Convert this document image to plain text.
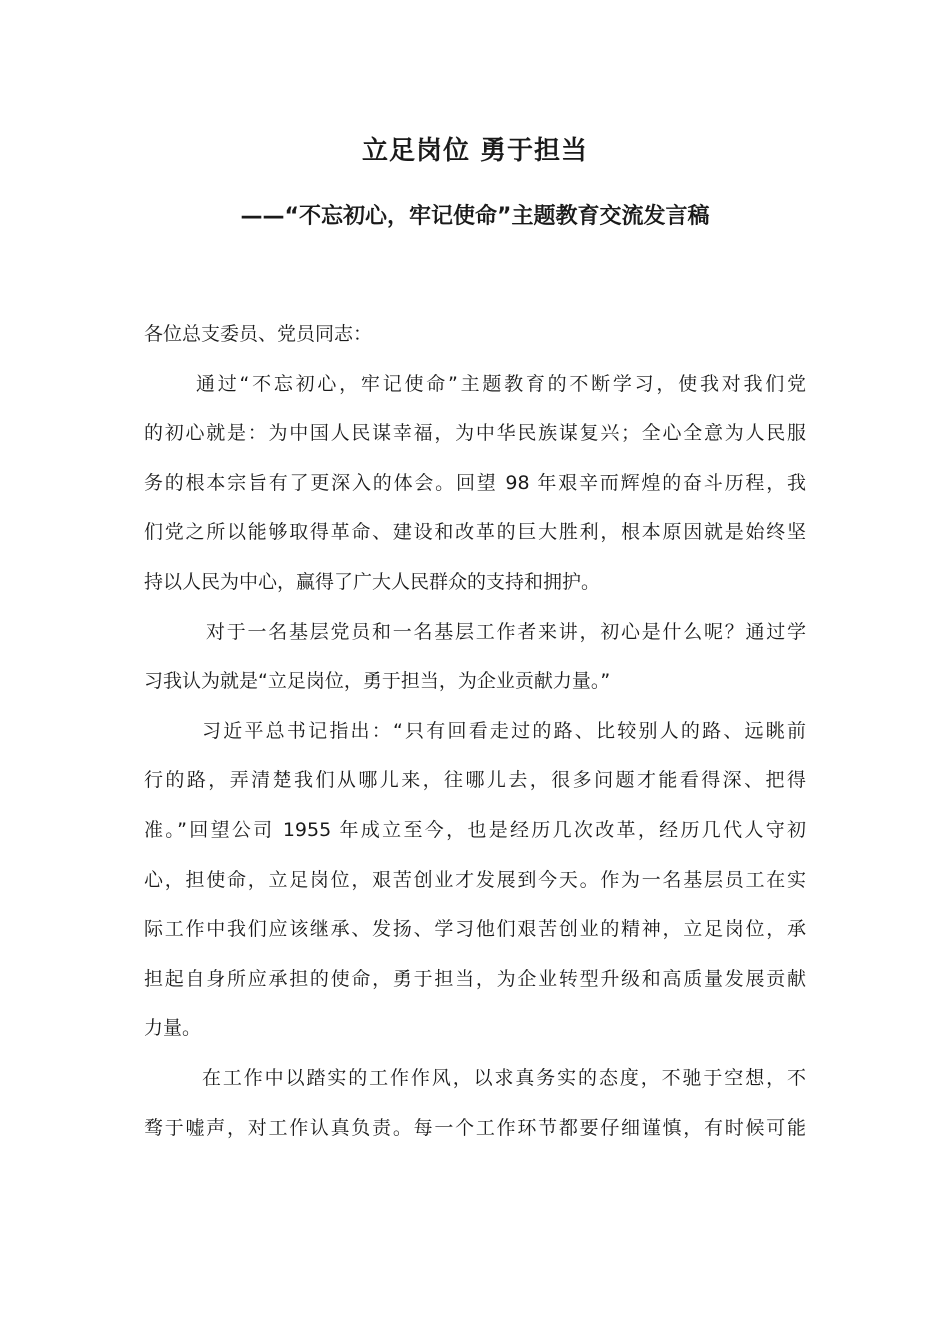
立足岗位 勇于担当
——“不忘初心，牢记使命”主题教育交流发言稿
各位总支委员、党员同志：
通过“不忘初心，牢记使命”主题教育的不断学习，使我对我们党
的初心就是：为中国人民谋幸福，为中华民族谋复兴；全心全意为人民服
务的根本宗旨有了更深入的体会。回望 98 年艰辛而辉煌的奋斗历程，我
们党之所以能够取得革命、建设和改革的巨大胜利，根本原因就是始终坚
持以人民为中心，赢得了广大人民群众的支持和拥护。
对于一名基层党员和一名基层工作者来讲，初心是什么呢？通过学
习我认为就是“立足岗位，勇于担当，为企业贡献力量。”
习近平总书记指出：“只有回看走过的路、比较别人的路、远眺前
行的路，弄清楚我们从哪儿来，往哪儿去，很多问题才能看得深、把得
准。”回望公司 1955 年成立至今，也是经历几次改革，经历几代人守初
心，担使命，立足岗位，艰苦创业才发展到今天。作为一名基层员工在实
际工作中我们应该继承、发扬、学习他们艰苦创业的精神，立足岗位，承
担起自身所应承担的使命，勇于担当，为企业转型升级和高质量发展贡献
力量。
在工作中以踏实的工作作风，以求真务实的态度，不驰于空想，不
骛于嘘声，对工作认真负责。每一个工作环节都要仔细谨慎，有时候可能
